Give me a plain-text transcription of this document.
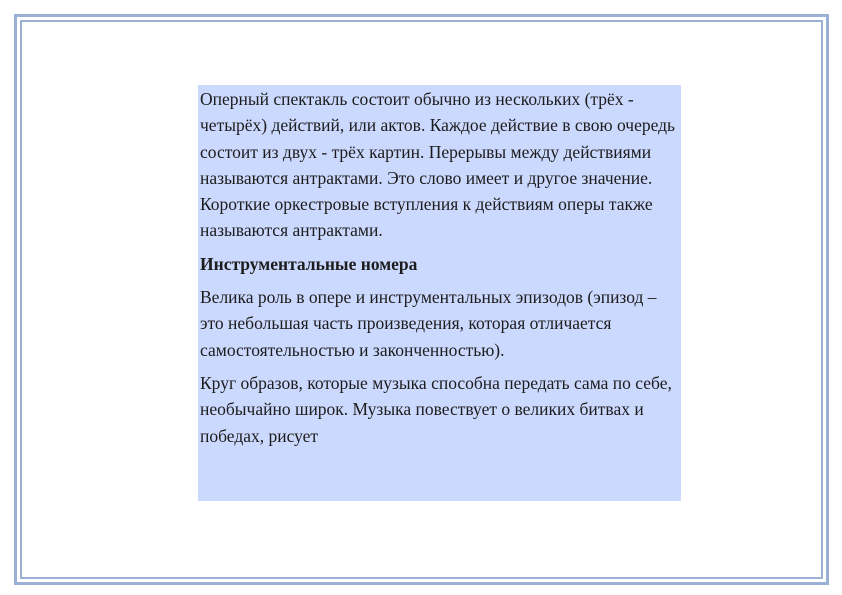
Оперный спектакль состоит обычно из нескольких (трёх - четырёх) действий, или актов. Каждое действие в свою очередь состоит из двух - трёх картин. Перерывы между действиями называются антрактами. Это слово имеет и другое значение. Короткие оркестровые вступления к действиям оперы также называются антрактами.

Инструментальные номера

Велика роль в опере и инструментальных эпизодов (эпизод – это небольшая часть произведения, которая отличается самостоятельностью и законченностью).

Круг образов, которые музыка способна передать сама по себе, необычайно широк. Музыка повествует о великих битвах и победах, рисует
